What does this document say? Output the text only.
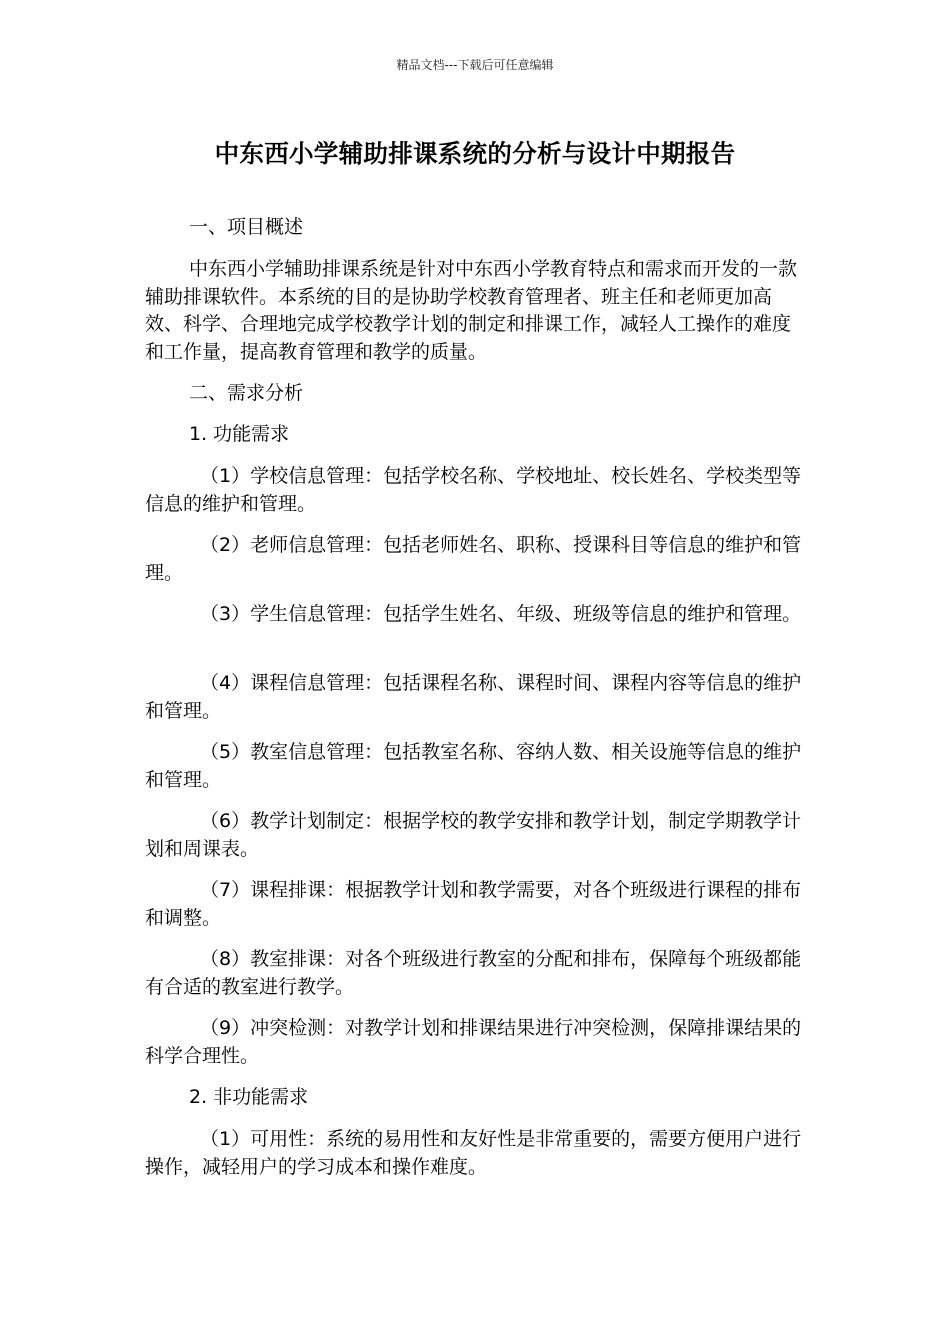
精品文档---下载后可任意编辑
中东西小学辅助排课系统的分析与设计中期报告
一、项目概述
中东西小学辅助排课系统是针对中东西小学教育特点和需求而开发的一款辅助排课软件。本系统的目的是协助学校教育管理者、班主任和老师更加高效、科学、合理地完成学校教学计划的制定和排课工作，减轻人工操作的难度和工作量，提高教育管理和教学的质量。
二、需求分析
1. 功能需求
（1）学校信息管理：包括学校名称、学校地址、校长姓名、学校类型等信息的维护和管理。
（2）老师信息管理：包括老师姓名、职称、授课科目等信息的维护和管理。
（3）学生信息管理：包括学生姓名、年级、班级等信息的维护和管理。
（4）课程信息管理：包括课程名称、课程时间、课程内容等信息的维护和管理。
（5）教室信息管理：包括教室名称、容纳人数、相关设施等信息的维护和管理。
（6）教学计划制定：根据学校的教学安排和教学计划，制定学期教学计划和周课表。
（7）课程排课：根据教学计划和教学需要，对各个班级进行课程的排布和调整。
（8）教室排课：对各个班级进行教室的分配和排布，保障每个班级都能有合适的教室进行教学。
（9）冲突检测：对教学计划和排课结果进行冲突检测，保障排课结果的科学合理性。
2. 非功能需求
（1）可用性：系统的易用性和友好性是非常重要的，需要方便用户进行操作，减轻用户的学习成本和操作难度。
